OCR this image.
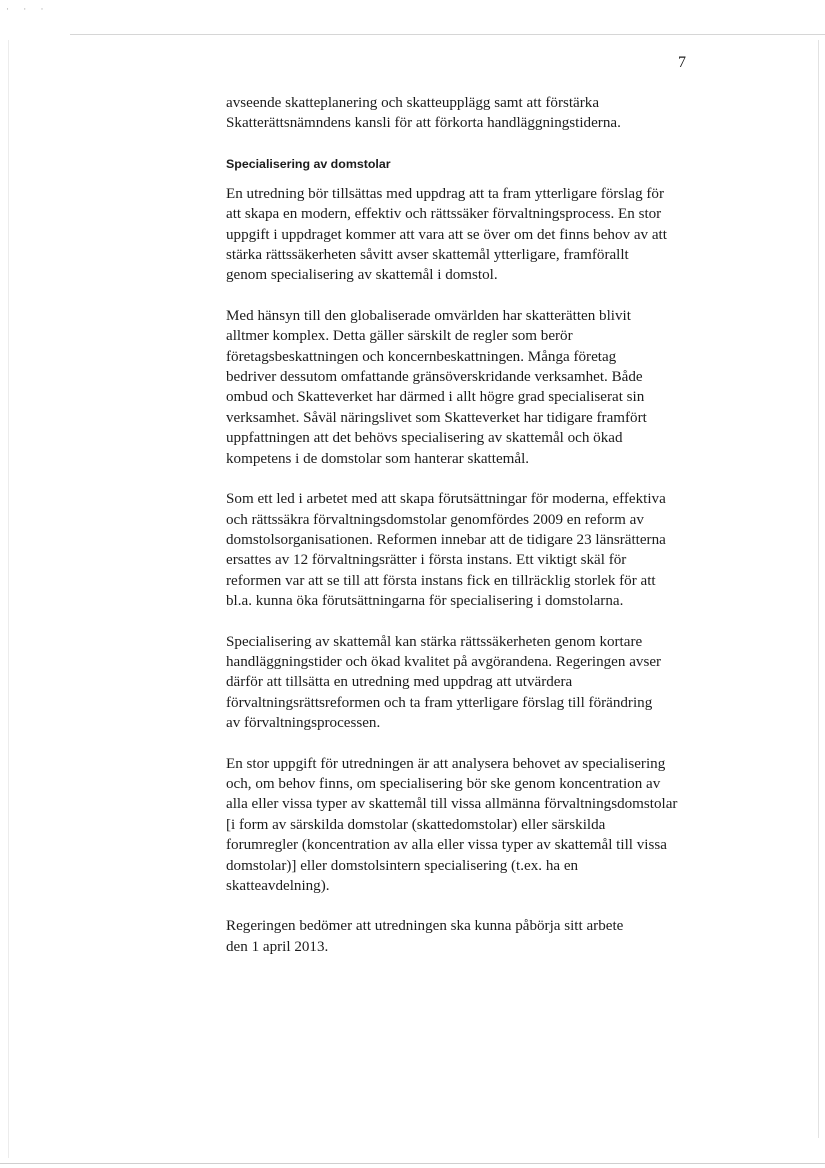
· · ·
7

avseende skatteplanering och skatteupplägg samt att förstärka
Skatterättsnämndens kansli för att förkorta handläggningstiderna.

Specialisering av domstolar

En utredning bör tillsättas med uppdrag att ta fram ytterligare förslag för
att skapa en modern, effektiv och rättssäker förvaltningsprocess. En stor
uppgift i uppdraget kommer att vara att se över om det finns behov av att
stärka rättssäkerheten såvitt avser skattemål ytterligare, framförallt
genom specialisering av skattemål i domstol.

Med hänsyn till den globaliserade omvärlden har skatterätten blivit
alltmer komplex. Detta gäller särskilt de regler som berör
företagsbeskattningen och koncernbeskattningen. Många företag
bedriver dessutom omfattande gränsöverskridande verksamhet. Både
ombud och Skatteverket har därmed i allt högre grad specialiserat sin
verksamhet. Såväl näringslivet som Skatteverket har tidigare framfört
uppfattningen att det behövs specialisering av skattemål och ökad
kompetens i de domstolar som hanterar skattemål.

Som ett led i arbetet med att skapa förutsättningar för moderna, effektiva
och rättssäkra förvaltningsdomstolar genomfördes 2009 en reform av
domstolsorganisationen. Reformen innebar att de tidigare 23 länsrätterna
ersattes av 12 förvaltningsrätter i första instans. Ett viktigt skäl för
reformen var att se till att första instans fick en tillräcklig storlek för att
bl.a. kunna öka förutsättningarna för specialisering i domstolarna.

Specialisering av skattemål kan stärka rättssäkerheten genom kortare
handläggningstider och ökad kvalitet på avgörandena. Regeringen avser
därför att tillsätta en utredning med uppdrag att utvärdera
förvaltningsrättsreformen och ta fram ytterligare förslag till förändring
av förvaltningsprocessen.

En stor uppgift för utredningen är att analysera behovet av specialisering
och, om behov finns, om specialisering bör ske genom koncentration av
alla eller vissa typer av skattemål till vissa allmänna förvaltningsdomstolar
[i form av särskilda domstolar (skattedomstolar) eller särskilda
forumregler (koncentration av alla eller vissa typer av skattemål till vissa
domstolar)] eller domstolsintern specialisering (t.ex. ha en
skatteavdelning).

Regeringen bedömer att utredningen ska kunna påbörja sitt arbete
den 1 april 2013.
